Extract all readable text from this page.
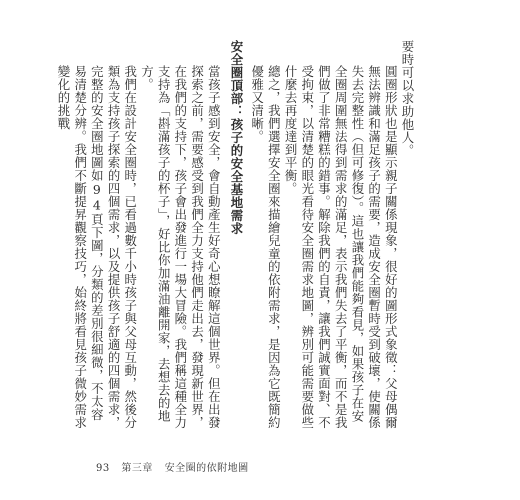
要時可以求助他人。

圓圈形狀也是顯示親子關係現象，很好的圖形式象徵：父母偶爾無法辨識和滿足孩子的需要，造成安全圈暫時受到破壞，使關係失去完整性（但可修復）。這也讓我們能夠看見，如果孩子在安全圈周圍無法得到需求的滿足，表示我們失去了平衡，而不是我們做了非常糟糕的錯事。解除我們的自責，讓我們誠實面對、不受拘束，以清楚的眼光看待安全圈需求地圖，辨別可能需要做些什麼去再度達到平衡。

總之，我們選擇安全圈來描繪兒童的依附需求，是因為它既簡約優雅又清晰。

安全圈頂部：孩子的安全基地需求

當孩子感到安全，會自動產生好奇心想瞭解這個世界。但在出發探索之前，需要感受到我們全力支持他們走出去，發現新世界，在我們的支持下，孩子會出發進行一場大冒險。我們稱這種全力支持為「斟滿孩子的杯子」，好比你加滿油離開家，去想去的地方。

我們在設計安全圈時，已看過數千小時孩子與父母互動，然後分類為支持孩子探索的四個需求，以及提供孩子舒適的四個需求，完整的安全圈地圖如94頁下圖，分類的差別很細微，不太容易清楚分辨。我們不斷提昇觀察技巧，始終將看見孩子微妙需求變化的挑戰

93 第三章 安全圈的依附地圖
